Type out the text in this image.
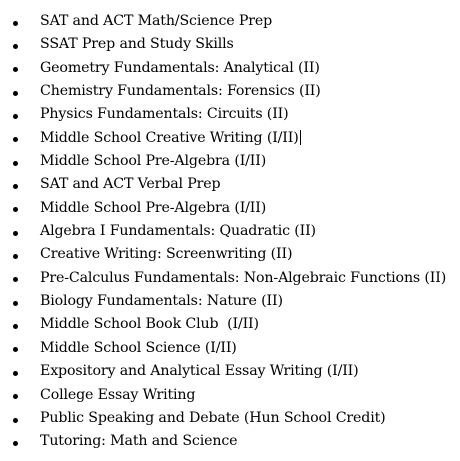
SAT and ACT Math/Science Prep
SSAT Prep and Study Skills
Geometry Fundamentals: Analytical (II)
Chemistry Fundamentals: Forensics (II)
Physics Fundamentals: Circuits (II)
Middle School Creative Writing (I/II)
Middle School Pre-Algebra (I/II)
SAT and ACT Verbal Prep
Middle School Pre-Algebra (I/II)
Algebra I Fundamentals: Quadratic (II)
Creative Writing: Screenwriting (II)
Pre-Calculus Fundamentals: Non-Algebraic Functions (II)
Biology Fundamentals: Nature (II)
Middle School Book Club  (I/II)
Middle School Science (I/II)
Expository and Analytical Essay Writing (I/II)
College Essay Writing
Public Speaking and Debate (Hun School Credit)
Tutoring: Math and Science
